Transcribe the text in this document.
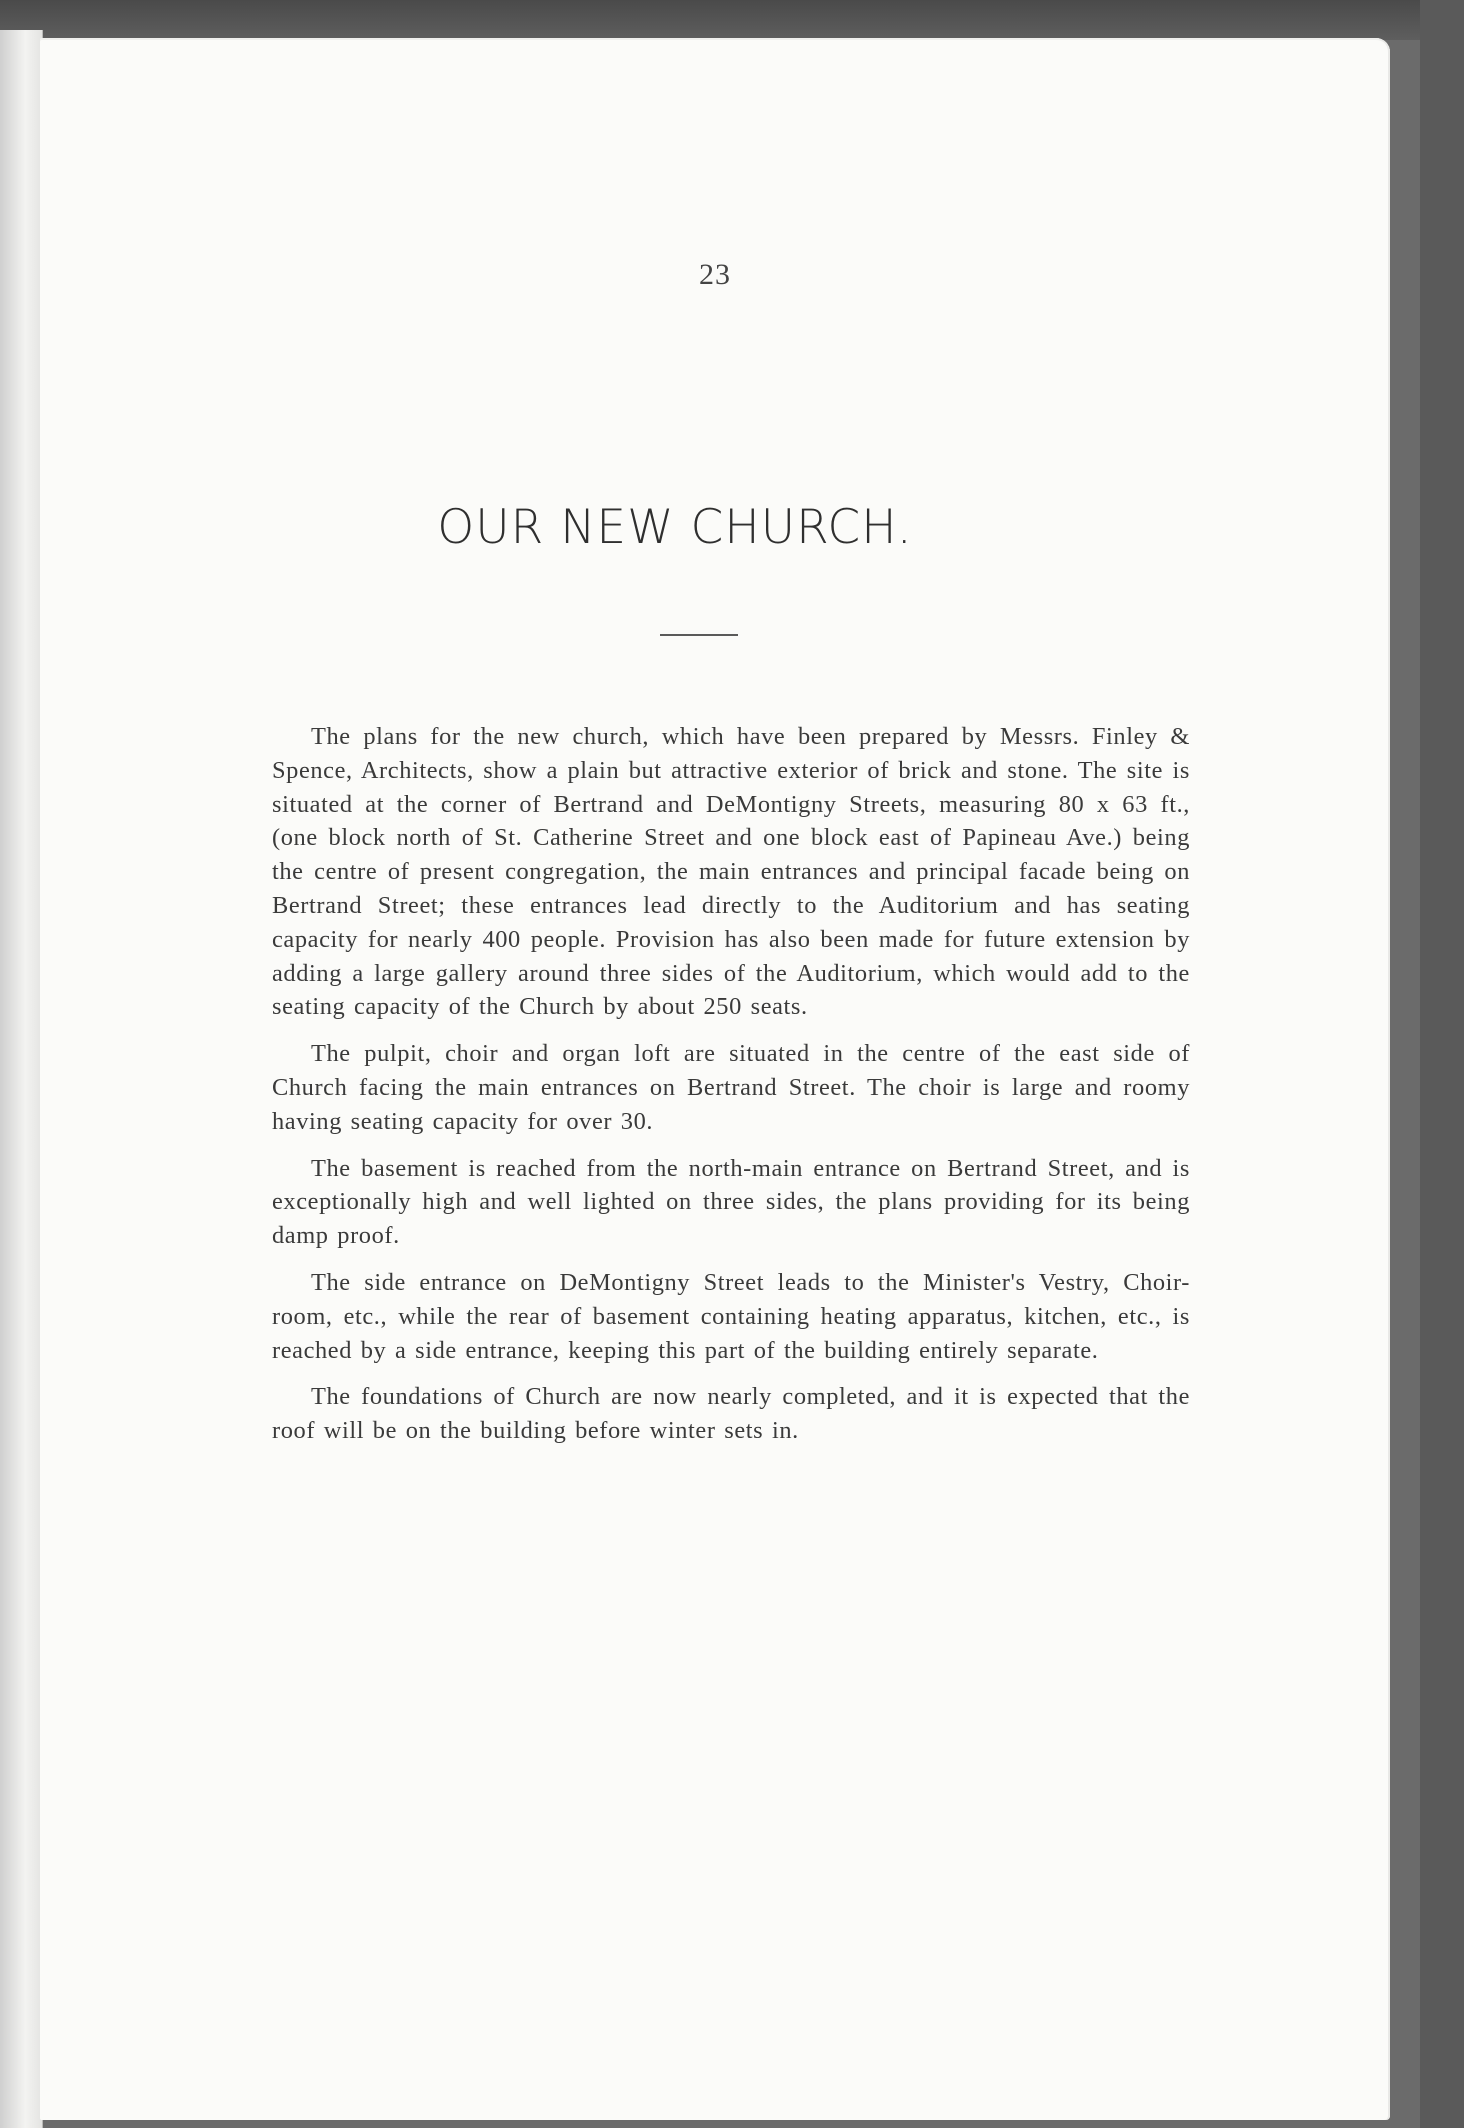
23
OUR NEW CHURCH.

The plans for the new church, which have been prepared by Messrs. Finley & Spence, Architects, show a plain but attractive exterior of brick and stone. The site is situated at the corner of Bertrand and DeMontigny Streets, measuring 80 x 63 ft., (one block north of St. Catherine Street and one block east of Papineau Ave.) being the centre of present congregation, the main entrances and principal facade being on Bertrand Street; these entrances lead directly to the Auditorium and has seating capacity for nearly 400 people. Provision has also been made for future extension by adding a large gallery around three sides of the Auditorium, which would add to the seating capacity of the Church by about 250 seats.

The pulpit, choir and organ loft are situated in the centre of the east side of Church facing the main entrances on Bertrand Street. The choir is large and roomy having seating capacity for over 30.

The basement is reached from the north-main entrance on Bertrand Street, and is exceptionally high and well lighted on three sides, the plans providing for its being damp proof.

The side entrance on DeMontigny Street leads to the Minister's Vestry, Choir-room, etc., while the rear of basement containing heating apparatus, kitchen, etc., is reached by a side entrance, keeping this part of the building entirely separate.

The foundations of Church are now nearly completed, and it is expected that the roof will be on the building before winter sets in.
